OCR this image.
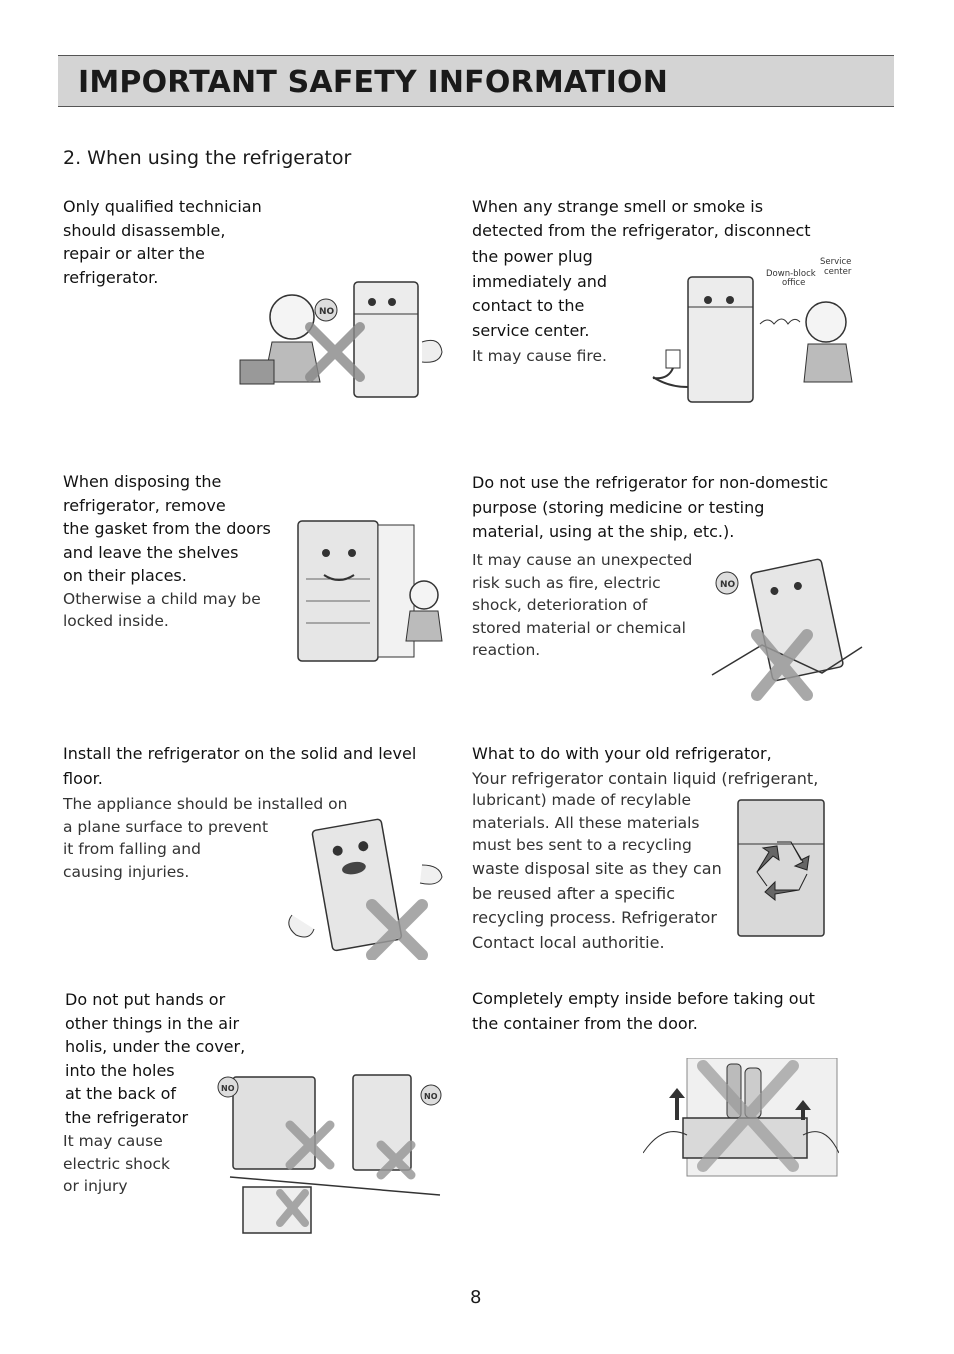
IMPORTANT SAFETY INFORMATION
2. When using the refrigerator

Only qualified technician

should disassemble,

repair or alter the

refrigerator.

NO

When any strange smell or smoke is

detected from the refrigerator, disconnect

the power plug

immediately and

contact to the

service center.

It may cause fire.

Down-block
office
Service
center

When disposing the

refrigerator, remove

the gasket from the doors

and leave the shelves

on their places.

Otherwise a child may be

locked inside.

Do not use the refrigerator for non-domestic

purpose (storing medicine or testing

material, using at the ship, etc.).

It may cause an unexpected

risk such as fire, electric

shock, deterioration of

stored material or chemical

reaction.

NO

Install the refrigerator on the solid and level

floor.

The appliance should be installed on

a plane surface to prevent

it from falling and

causing injuries.

What to do with your old refrigerator,

Your refrigerator contain liquid (refrigerant,

lubricant) made of recylable

materials. All these materials

must bes sent to a recycling

waste disposal site as they can

be reused after a specific

recycling process. Refrigerator

Contact local authoritie.

Do not put hands or

other things in the air

holis, under the cover,

into the holes

at the back of

the refrigerator

It may cause

electric shock

or injury

NO
NO

Completely empty inside before taking out

the container from the door.

8
